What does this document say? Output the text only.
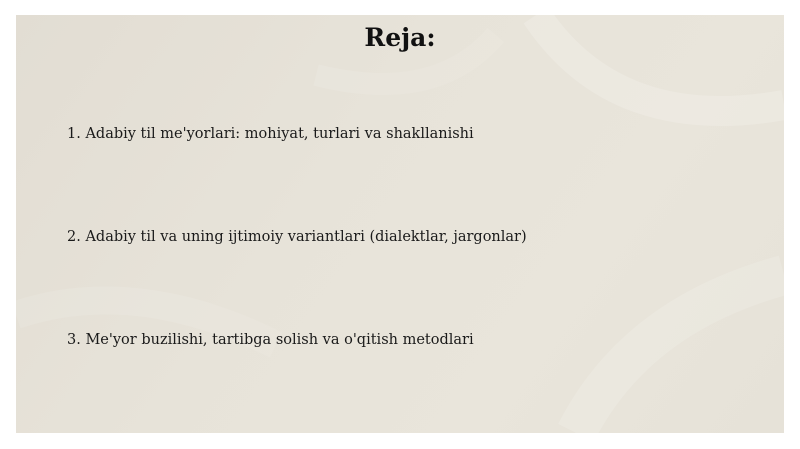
Reja:
1. Adabiy til me'yorlari: mohiyat, turlari va shakllanishi
2. Adabiy til va uning ijtimoiy variantlari (dialektlar, jargonlar)
3. Me'yor buzilishi, tartibga solish va o'qitish metodlari
